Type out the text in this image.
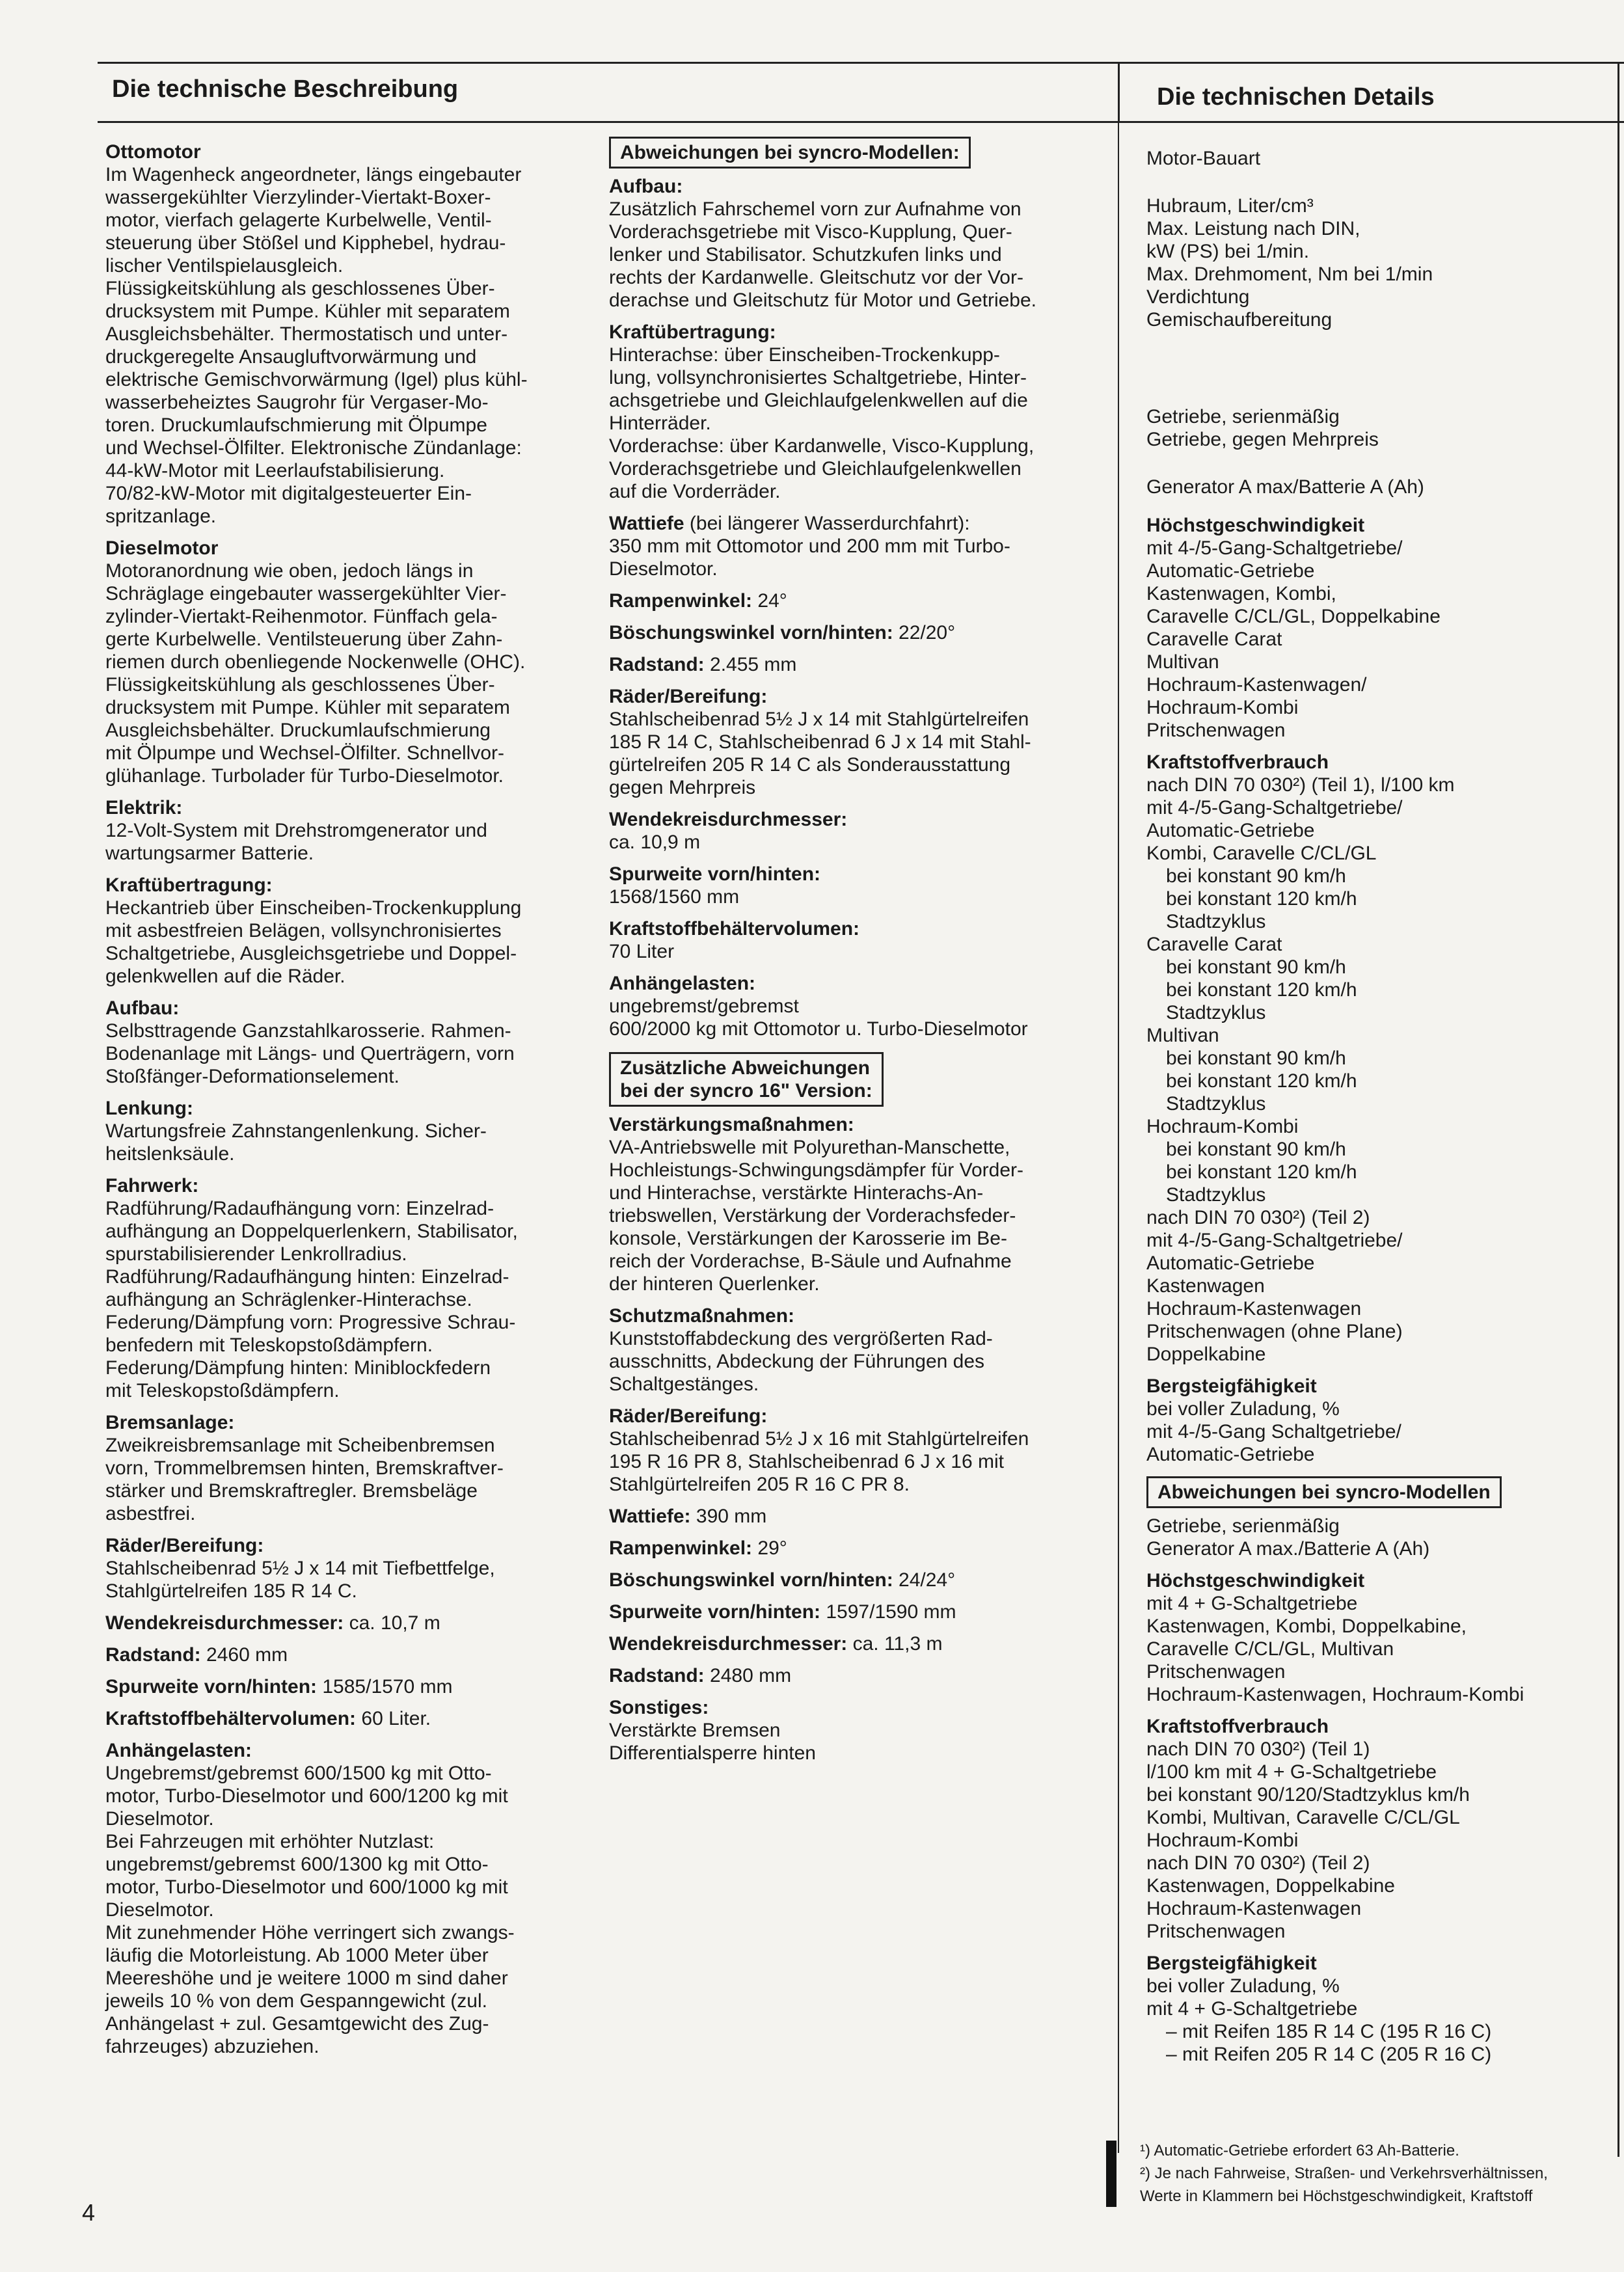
Die technische Beschreibung	Die technischen Details

Ottomotor

Im Wagenheck angeordneter, längs eingebauter

wassergekühlter Vierzylinder-Viertakt-Boxer-

motor, vierfach gelagerte Kurbelwelle, Ventil-

steuerung über Stößel und Kipphebel, hydrau-

lischer Ventilspielausgleich.

Flüssigkeitskühlung als geschlossenes Über-

drucksystem mit Pumpe. Kühler mit separatem

Ausgleichsbehälter. Thermostatisch und unter-

druckgeregelte Ansaugluftvorwärmung und

elektrische Gemischvorwärmung (Igel) plus kühl-

wasserbeheiztes Saugrohr für Vergaser-Mo-

toren. Druckumlaufschmierung mit Ölpumpe

und Wechsel-Ölfilter. Elektronische Zündanlage:

44-kW-Motor mit Leerlaufstabilisierung.

70/82-kW-Motor mit digitalgesteuerter Ein-

spritzanlage.

Dieselmotor

Motoranordnung wie oben, jedoch längs in

Schräglage eingebauter wassergekühlter Vier-

zylinder-Viertakt-Reihenmotor. Fünffach gela-

gerte Kurbelwelle. Ventilsteuerung über Zahn-

riemen durch obenliegende Nockenwelle (OHC).

Flüssigkeitskühlung als geschlossenes Über-

drucksystem mit Pumpe. Kühler mit separatem

Ausgleichsbehälter. Druckumlaufschmierung

mit Ölpumpe und Wechsel-Ölfilter. Schnellvor-

glühanlage. Turbolader für Turbo-Dieselmotor.

Elektrik:

12-Volt-System mit Drehstromgenerator und

wartungsarmer Batterie.

Kraftübertragung:

Heckantrieb über Einscheiben-Trockenkupplung

mit asbestfreien Belägen, vollsynchronisiertes

Schaltgetriebe, Ausgleichsgetriebe und Doppel-

gelenkwellen auf die Räder.

Aufbau:

Selbsttragende Ganzstahlkarosserie. Rahmen-

Bodenanlage mit Längs- und Querträgern, vorn

Stoßfänger-Deformationselement.

Lenkung:

Wartungsfreie Zahnstangenlenkung. Sicher-

heitslenksäule.

Fahrwerk:

Radführung/Radaufhängung vorn: Einzelrad-

aufhängung an Doppelquerlenkern, Stabilisator,

spurstabilisierender Lenkrollradius.

Radführung/Radaufhängung hinten: Einzelrad-

aufhängung an Schräglenker-Hinterachse.

Federung/Dämpfung vorn: Progressive Schrau-

benfedern mit Teleskopstoßdämpfern.

Federung/Dämpfung hinten: Miniblockfedern

mit Teleskopstoßdämpfern.

Bremsanlage:

Zweikreisbremsanlage mit Scheibenbremsen

vorn, Trommelbremsen hinten, Bremskraftver-

stärker und Bremskraftregler. Bremsbeläge

asbestfrei.

Räder/Bereifung:

Stahlscheibenrad 5½ J x 14 mit Tiefbettfelge,

Stahlgürtelreifen 185 R 14 C.

Wendekreisdurchmesser: ca. 10,7 m

Radstand: 2460 mm

Spurweite vorn/hinten: 1585/1570 mm

Kraftstoffbehältervolumen: 60 Liter.

Anhängelasten:

Ungebremst/gebremst 600/1500 kg mit Otto-

motor, Turbo-Dieselmotor und 600/1200 kg mit

Dieselmotor.

Bei Fahrzeugen mit erhöhter Nutzlast:

ungebremst/gebremst 600/1300 kg mit Otto-

motor, Turbo-Dieselmotor und 600/1000 kg mit

Dieselmotor.

Mit zunehmender Höhe verringert sich zwangs-

läufig die Motorleistung. Ab 1000 Meter über

Meereshöhe und je weitere 1000 m sind daher

jeweils 10 % von dem Gespanngewicht (zul.

Anhängelast + zul. Gesamtgewicht des Zug-

fahrzeuges) abzuziehen.

Abweichungen bei syncro-Modellen:

Aufbau:

Zusätzlich Fahrschemel vorn zur Aufnahme von

Vorderachsgetriebe mit Visco-Kupplung, Quer-

lenker und Stabilisator. Schutzkufen links und

rechts der Kardanwelle. Gleitschutz vor der Vor-

derachse und Gleitschutz für Motor und Getriebe.

Kraftübertragung:

Hinterachse: über Einscheiben-Trockenkupp-

lung, vollsynchronisiertes Schaltgetriebe, Hinter-

achsgetriebe und Gleichlaufgelenkwellen auf die

Hinterräder.

Vorderachse: über Kardanwelle, Visco-Kupplung,

Vorderachsgetriebe und Gleichlaufgelenkwellen

auf die Vorderräder.

Wattiefe (bei längerer Wasserdurchfahrt):

350 mm mit Ottomotor und 200 mm mit Turbo-

Dieselmotor.

Rampenwinkel: 24°

Böschungswinkel vorn/hinten: 22/20°

Radstand: 2.455 mm

Räder/Bereifung:

Stahlscheibenrad 5½ J x 14 mit Stahlgürtelreifen

185 R 14 C, Stahlscheibenrad 6 J x 14 mit Stahl-

gürtelreifen 205 R 14 C als Sonderausstattung

gegen Mehrpreis

Wendekreisdurchmesser:

ca. 10,9 m

Spurweite vorn/hinten:

1568/1560 mm

Kraftstoffbehältervolumen:

70 Liter

Anhängelasten:

ungebremst/gebremst

600/2000 kg mit Ottomotor u. Turbo-Dieselmotor

Zusätzliche Abweichungen
bei der syncro 16" Version:

Verstärkungsmaßnahmen:

VA-Antriebswelle mit Polyurethan-Manschette,

Hochleistungs-Schwingungsdämpfer für Vorder-

und Hinterachse, verstärkte Hinterachs-An-

triebswellen, Verstärkung der Vorderachsfeder-

konsole, Verstärkungen der Karosserie im Be-

reich der Vorderachse, B-Säule und Aufnahme

der hinteren Querlenker.

Schutzmaßnahmen:

Kunststoffabdeckung des vergrößerten Rad-

ausschnitts, Abdeckung der Führungen des

Schaltgestänges.

Räder/Bereifung:

Stahlscheibenrad 5½ J x 16 mit Stahlgürtelreifen

195 R 16 PR 8, Stahlscheibenrad 6 J x 16 mit

Stahlgürtelreifen 205 R 16 C PR 8.

Wattiefe: 390 mm

Rampenwinkel: 29°

Böschungswinkel vorn/hinten: 24/24°

Spurweite vorn/hinten: 1597/1590 mm

Wendekreisdurchmesser: ca. 11,3 m

Radstand: 2480 mm

Sonstiges:

Verstärkte Bremsen

Differentialsperre hinten

Motor-Bauart

Hubraum, Liter/cm³

Max. Leistung nach DIN,

kW (PS) bei 1/min.

Max. Drehmoment, Nm bei 1/min

Verdichtung

Gemischaufbereitung

Getriebe, serienmäßig

Getriebe, gegen Mehrpreis

Generator A max/Batterie A (Ah)

Höchstgeschwindigkeit

mit 4-/5-Gang-Schaltgetriebe/

Automatic-Getriebe

Kastenwagen, Kombi,

Caravelle C/CL/GL, Doppelkabine

Caravelle Carat

Multivan

Hochraum-Kastenwagen/

Hochraum-Kombi

Pritschenwagen

Kraftstoffverbrauch

nach DIN 70 030²) (Teil 1), l/100 km

mit 4-/5-Gang-Schaltgetriebe/

Automatic-Getriebe

Kombi, Caravelle C/CL/GL

bei konstant 90 km/h

bei konstant 120 km/h

Stadtzyklus

Caravelle Carat

bei konstant 90 km/h

bei konstant 120 km/h

Stadtzyklus

Multivan

bei konstant 90 km/h

bei konstant 120 km/h

Stadtzyklus

Hochraum-Kombi

bei konstant 90 km/h

bei konstant 120 km/h

Stadtzyklus

nach DIN 70 030²) (Teil 2)

mit 4-/5-Gang-Schaltgetriebe/

Automatic-Getriebe

Kastenwagen

Hochraum-Kastenwagen

Pritschenwagen (ohne Plane)

Doppelkabine

Bergsteigfähigkeit

bei voller Zuladung, %

mit 4-/5-Gang Schaltgetriebe/

Automatic-Getriebe

Abweichungen bei syncro-Modellen

Getriebe, serienmäßig

Generator A max./Batterie A (Ah)

Höchstgeschwindigkeit

mit 4 + G-Schaltgetriebe

Kastenwagen, Kombi, Doppelkabine,

Caravelle C/CL/GL, Multivan

Pritschenwagen

Hochraum-Kastenwagen, Hochraum-Kombi

Kraftstoffverbrauch

nach DIN 70 030²) (Teil 1)

l/100 km mit 4 + G-Schaltgetriebe

bei konstant 90/120/Stadtzyklus km/h

Kombi, Multivan, Caravelle C/CL/GL

Hochraum-Kombi

nach DIN 70 030²) (Teil 2)

Kastenwagen, Doppelkabine

Hochraum-Kastenwagen

Pritschenwagen

Bergsteigfähigkeit

bei voller Zuladung, %

mit 4 + G-Schaltgetriebe

– mit Reifen 185 R 14 C (195 R 16 C)

– mit Reifen 205 R 14 C (205 R 16 C)

¹) Automatic-Getriebe erfordert 63 Ah-Batterie.
²) Je nach Fahrweise, Straßen- und Verkehrsverhältnissen,
Werte in Klammern bei Höchstgeschwindigkeit, Kraftstoff
4
